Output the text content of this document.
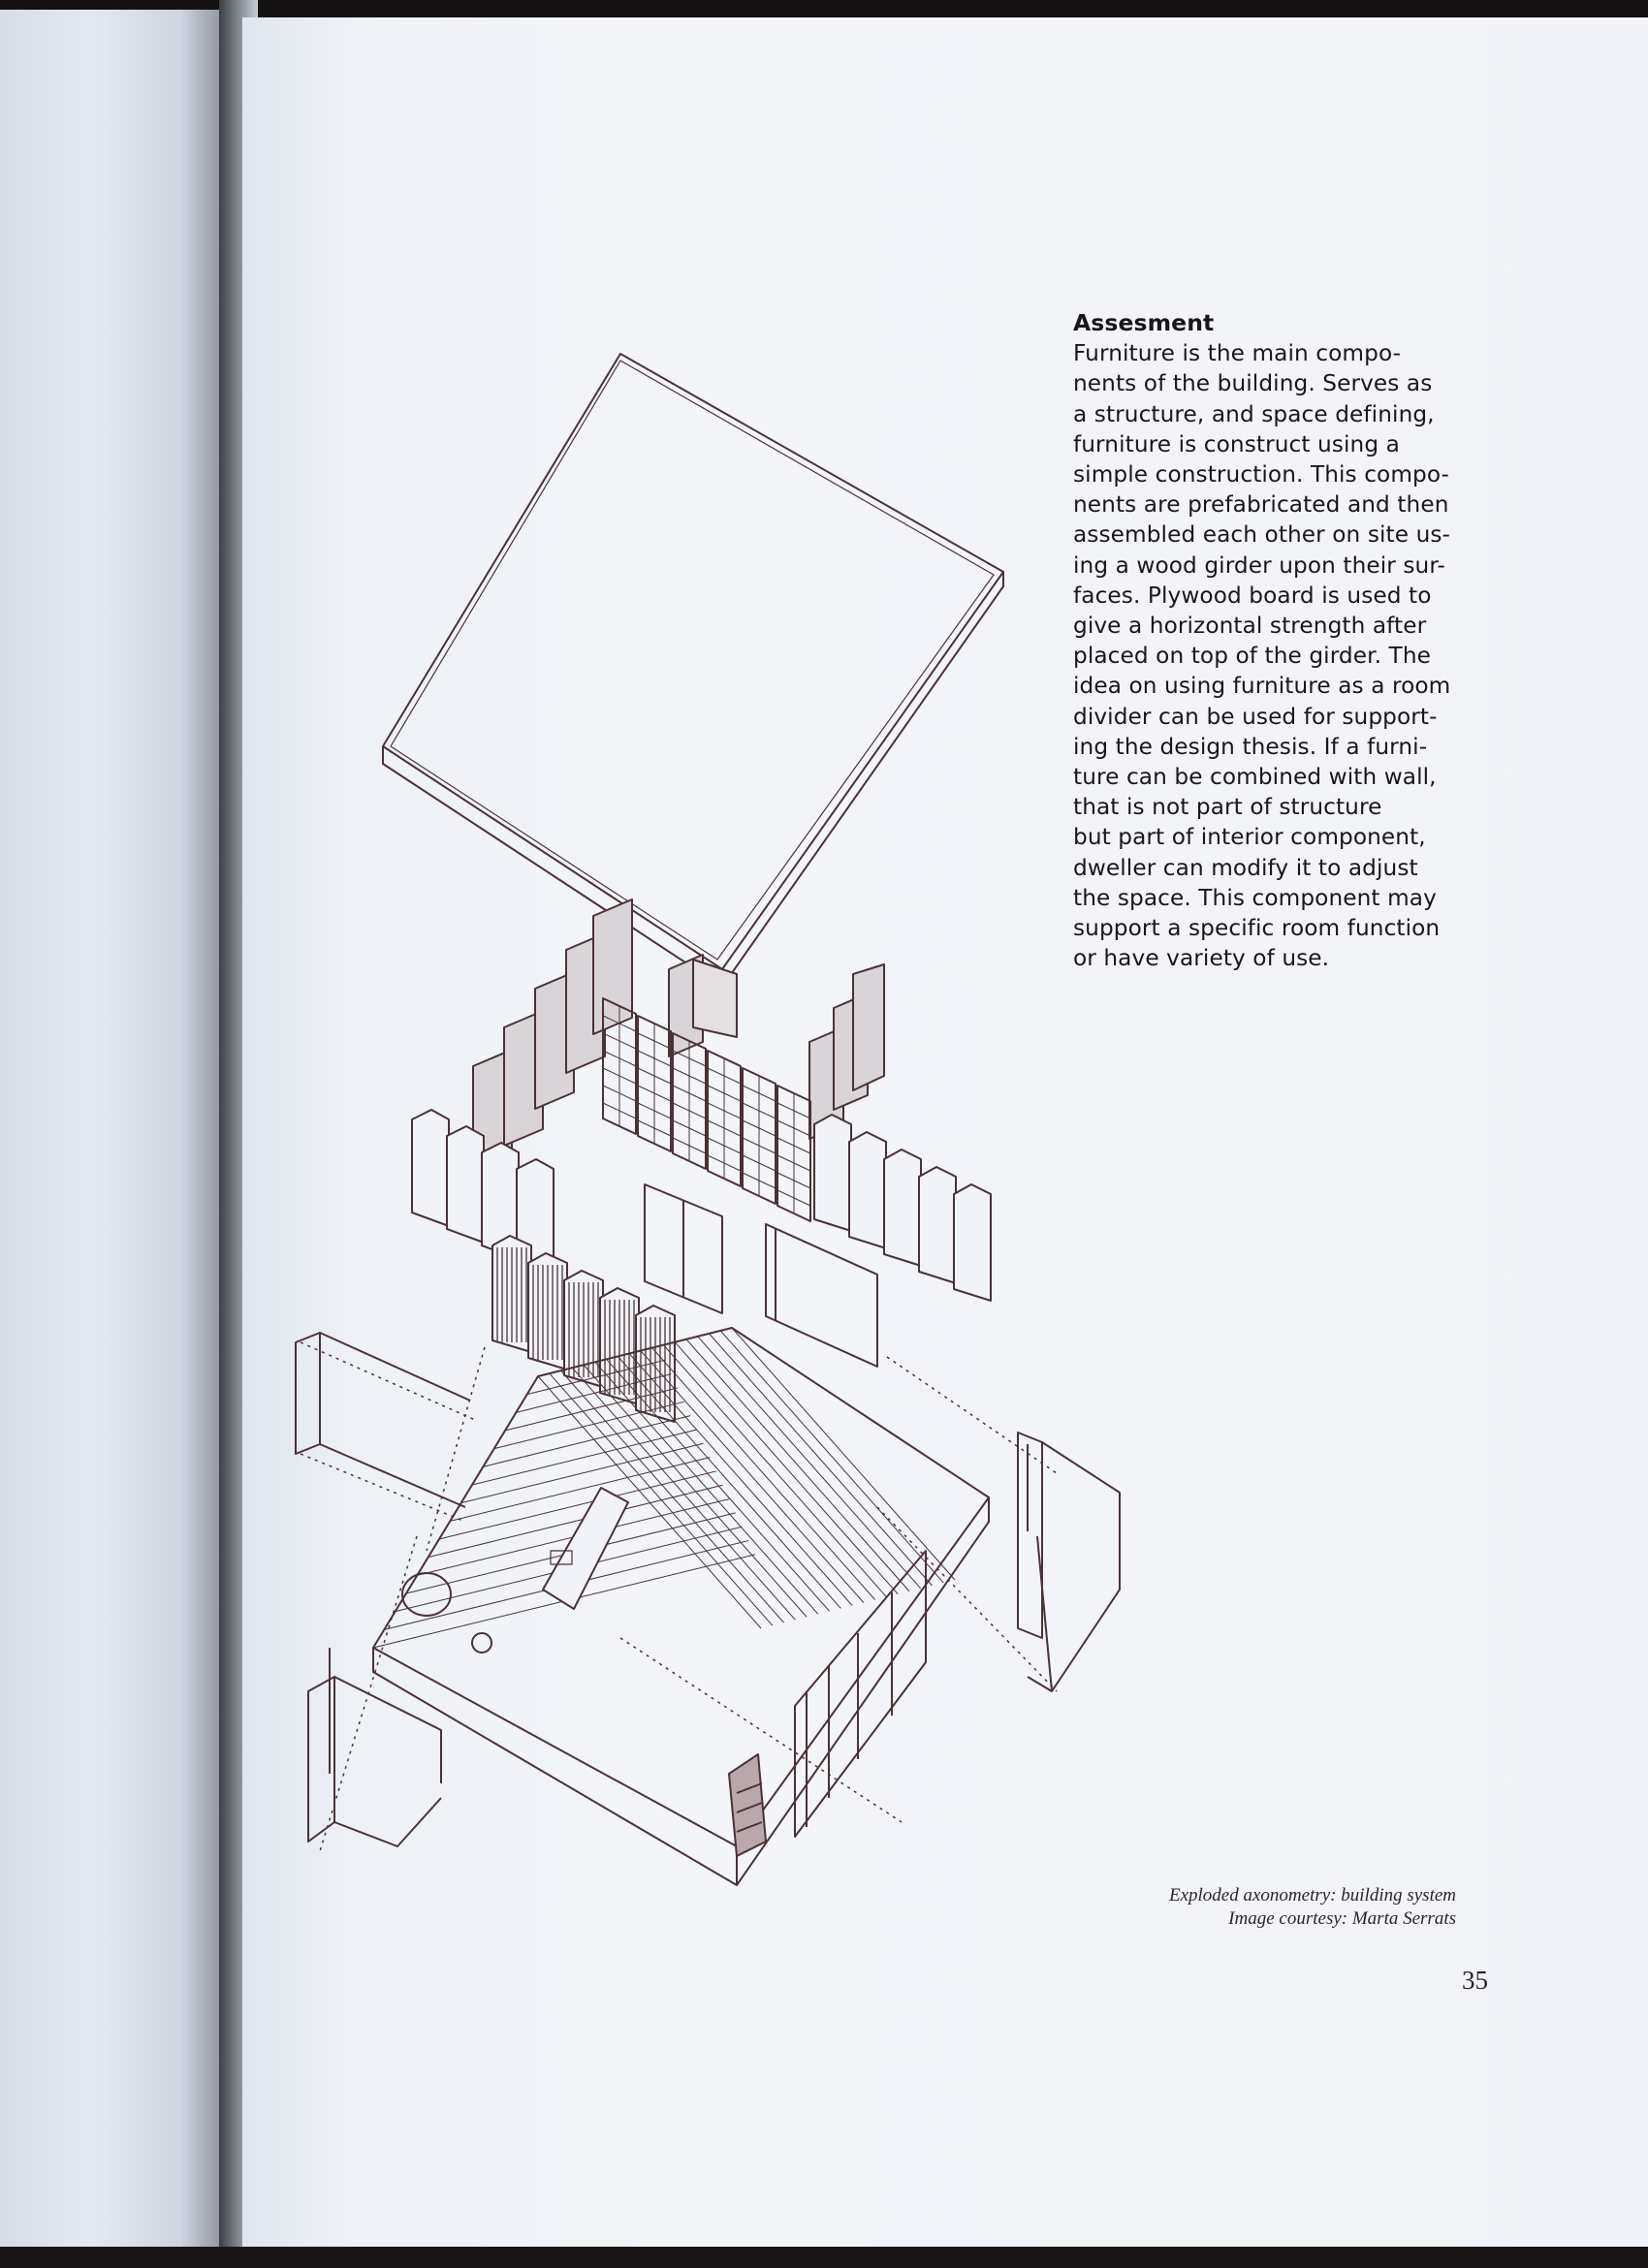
Assesment
Furniture is the main compo-
nents of the building. Serves as
a structure, and space defining,
furniture is construct using a
simple construction. This compo-
nents are prefabricated and then
assembled each other on site us-
ing a wood girder upon their sur-
faces. Plywood board is used to
give a horizontal strength after
placed on top of the girder. The
idea on using furniture as a room
divider can be used for support-
ing the design thesis. If a furni-
ture can be combined with wall,
that is not part of structure
but part of interior component,
dweller can modify it to adjust
the space. This component may
support a specific room function
or have variety of use.
Exploded axonometry: building system
Image courtesy: Marta Serrats
35
